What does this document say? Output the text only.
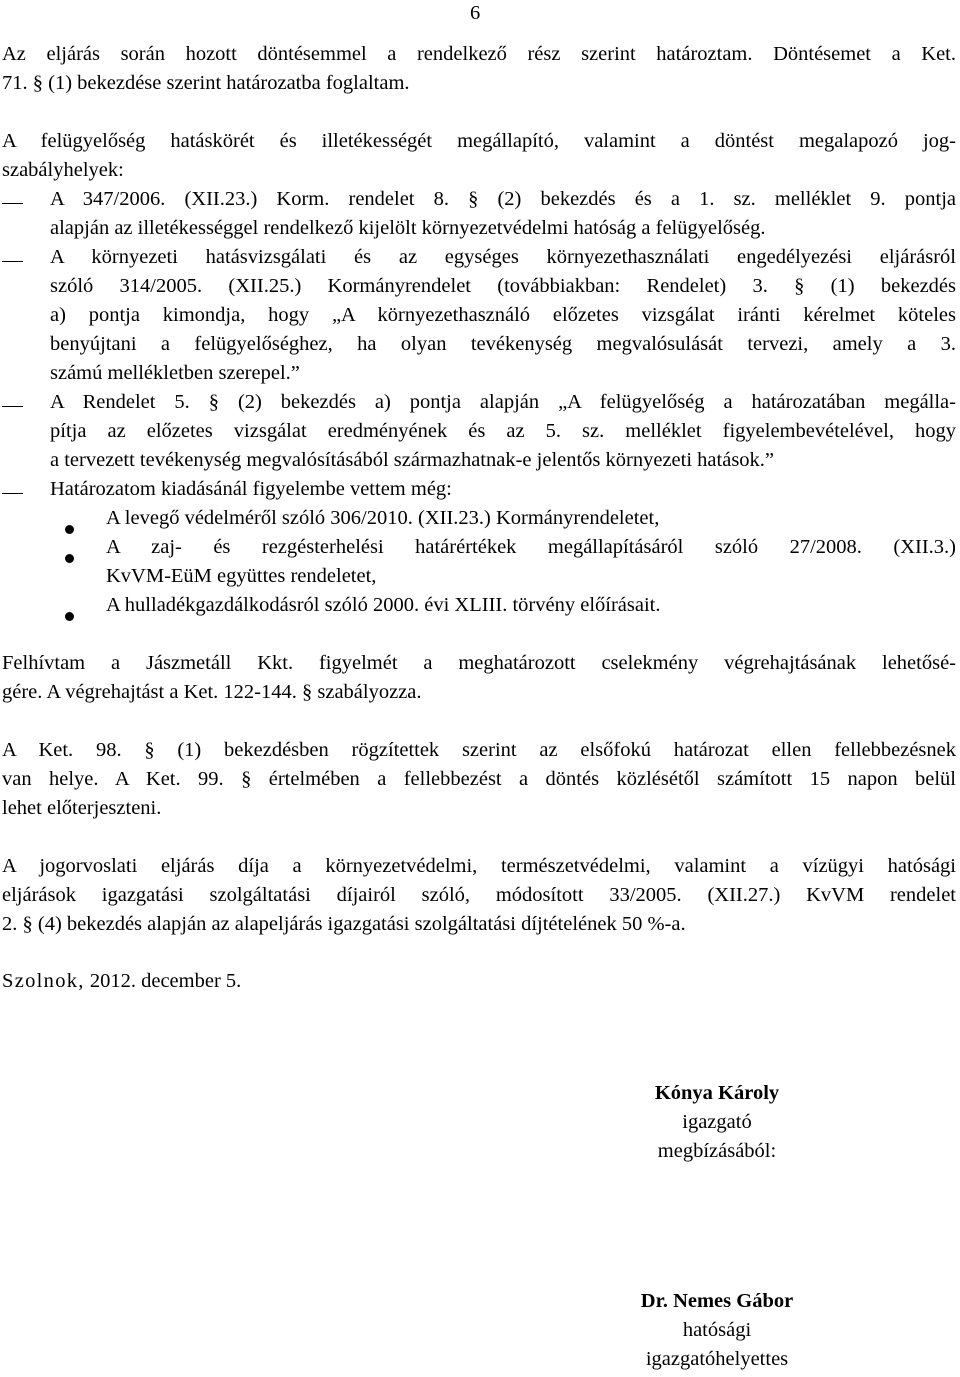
6
Az eljárás során hozott döntésemmel a rendelkező rész szerint határoztam. Döntésemet a Ket.
71. § (1) bekezdése szerint határozatba foglaltam.
A felügyelőség hatáskörét és illetékességét megállapító, valamint a döntést megalapozó jog-
szabályhelyek:
A 347/2006. (XII.23.) Korm. rendelet 8. § (2) bekezdés és a 1. sz. melléklet 9. pontja
alapján az illetékességgel rendelkező kijelölt környezetvédelmi hatóság a felügyelőség.
A környezeti hatásvizsgálati és az egységes környezethasználati engedélyezési eljárásról
szóló 314/2005. (XII.25.) Kormányrendelet (továbbiakban: Rendelet) 3. § (1) bekezdés
a) pontja kimondja, hogy „A környezethasználó előzetes vizsgálat iránti kérelmet köteles
benyújtani a felügyelőséghez, ha olyan tevékenység megvalósulását tervezi, amely a 3.
számú mellékletben szerepel.”
A Rendelet 5. § (2) bekezdés a) pontja alapján „A felügyelőség a határozatában megálla-
pítja az előzetes vizsgálat eredményének és az 5. sz. melléklet figyelembevételével, hogy
a tervezett tevékenység megvalósításából származhatnak-e jelentős környezeti hatások.”
Határozatom kiadásánál figyelembe vettem még:
A levegő védelméről szóló 306/2010. (XII.23.) Kormányrendeletet,
A zaj- és rezgésterhelési határértékek megállapításáról szóló 27/2008. (XII.3.)
KvVM-EüM együttes rendeletet,
A hulladékgazdálkodásról szóló 2000. évi XLIII. törvény előírásait.
Felhívtam a Jászmetáll Kkt. figyelmét a meghatározott cselekmény végrehajtásának lehetősé-
gére. A végrehajtást a Ket. 122-144. § szabályozza.
A Ket. 98. § (1) bekezdésben rögzítettek szerint az elsőfokú határozat ellen fellebbezésnek
van helye. A Ket. 99. § értelmében a fellebbezést a döntés közlésétől számított 15 napon belül
lehet előterjeszteni.
A jogorvoslati eljárás díja a környezetvédelmi, természetvédelmi, valamint a vízügyi hatósági
eljárások igazgatási szolgáltatási díjairól szóló, módosított 33/2005. (XII.27.) KvVM rendelet
2. § (4) bekezdés alapján az alapeljárás igazgatási szolgáltatási díjtételének 50 %-a.
Szolnok, 2012. december 5.
Kónya Károly
igazgató
megbízásából:
Dr. Nemes Gábor
hatósági
igazgatóhelyettes
